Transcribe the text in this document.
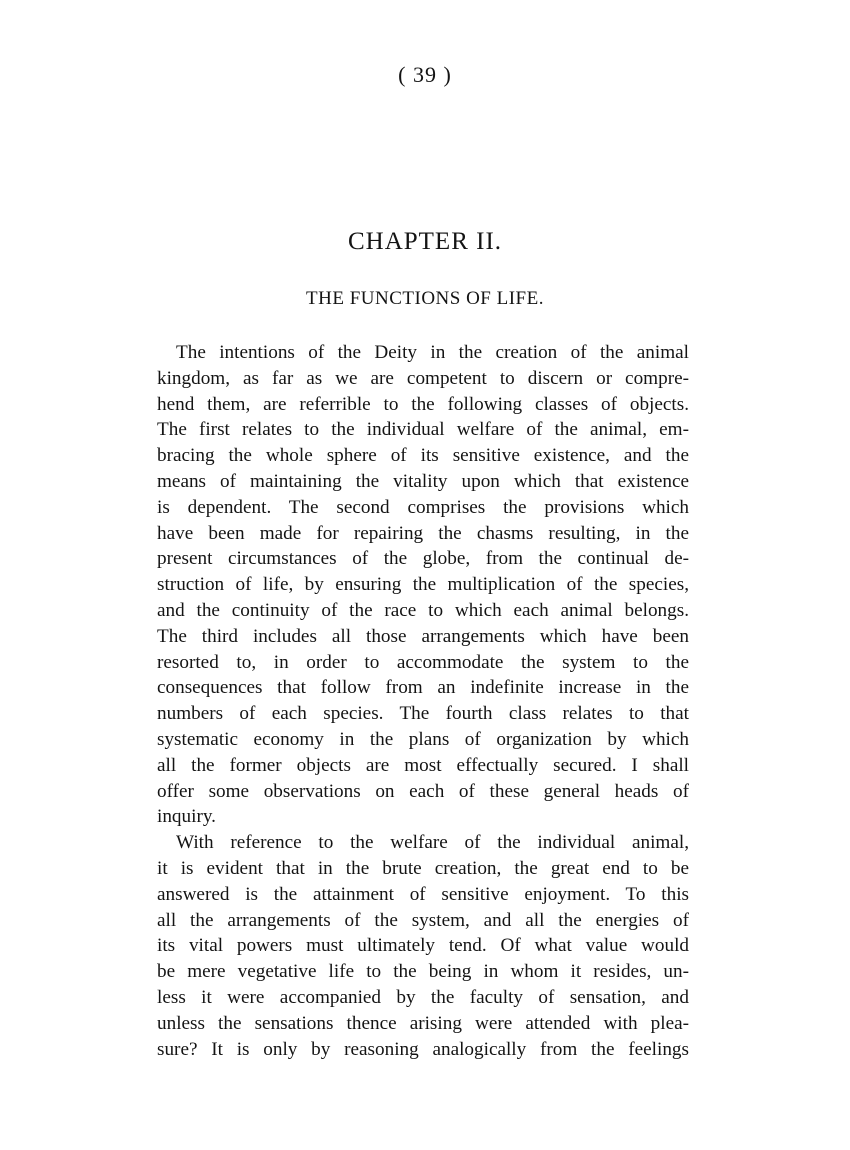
( 39 )
CHAPTER II.
THE FUNCTIONS OF LIFE.
The intentions of the Deity in the creation of the animal
kingdom, as far as we are competent to discern or compre-
hend them, are referrible to the following classes of objects.
The first relates to the individual welfare of the animal, em-
bracing the whole sphere of its sensitive existence, and the
means of maintaining the vitality upon which that existence
is dependent. The second comprises the provisions which
have been made for repairing the chasms resulting, in the
present circumstances of the globe, from the continual de-
struction of life, by ensuring the multiplication of the species,
and the continuity of the race to which each animal belongs.
The third includes all those arrangements which have been
resorted to, in order to accommodate the system to the
consequences that follow from an indefinite increase in the
numbers of each species. The fourth class relates to that
systematic economy in the plans of organization by which
all the former objects are most effectually secured. I shall
offer some observations on each of these general heads of
inquiry.
With reference to the welfare of the individual animal,
it is evident that in the brute creation, the great end to be
answered is the attainment of sensitive enjoyment. To this
all the arrangements of the system, and all the energies of
its vital powers must ultimately tend. Of what value would
be mere vegetative life to the being in whom it resides, un-
less it were accompanied by the faculty of sensation, and
unless the sensations thence arising were attended with plea-
sure? It is only by reasoning analogically from the feelings
